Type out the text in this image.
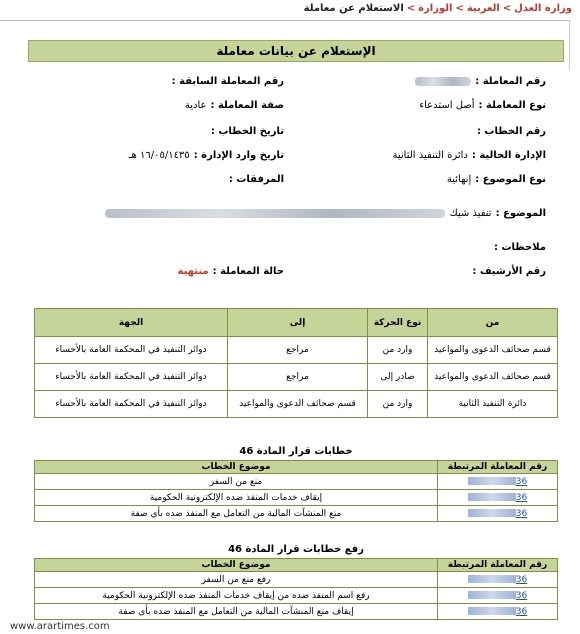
وزارة العدل>العربية>الوزارة>الاستعلام عن معاملة
الإستعلام عن بيانات معاملة
رقم المعاملة :
نوع المعاملة :أصل استدعاء
رقم الخطاب :
الإدارة الحالية :دائرة التنفيذ الثانية
نوع الموضوع :إنهائية
رقم المعاملة السابقة :
صفة المعاملة :عادية
تاريخ الخطاب :
تاريخ وارد الإدارة :١٦/٠٥/١٤٣٥ هـ
المرفقات :
الموضوع :تنفيذ شيك
ملاحظات :
رقم الأرشيف :
حالة المعاملة :منتهية
من	نوع الحركة	إلى	الجهة
قسم صحائف الدعوى والمواعيد	وارد من	مراجع	دوائر التنفيذ في المحكمة العامة بالأحساء
قسم صحائف الدعوى والمواعيد	صادر إلى	مراجع	دوائر التنفيذ في المحكمة العامة بالأحساء
دائرة التنفيذ الثانية	وارد من	قسم صحائف الدعوى والمواعيد	دوائر التنفيذ في المحكمة العامة بالأحساء
خطابات قرار المادة 46
رقم المعاملة المرتبطة	موضوع الخطاب
36	منع من السفر
36	إيقاف خدمات المنفذ ضده الإلكترونية الحكومية
36	منع المنشآت المالية من التعامل مع المنفذ ضده بأي صفة
رفع خطابات قرار المادة 46
رقم المعاملة المرتبطة	موضوع الخطاب
36	رفع منع من السفر
36	رفع اسم المنفذ ضده من إيقاف خدمات المنفذ ضده الإلكترونية الحكومية
36	إيقاف منع المنشآت المالية من التعامل مع المنفذ ضده بأي صفة
www.arartimes.com
